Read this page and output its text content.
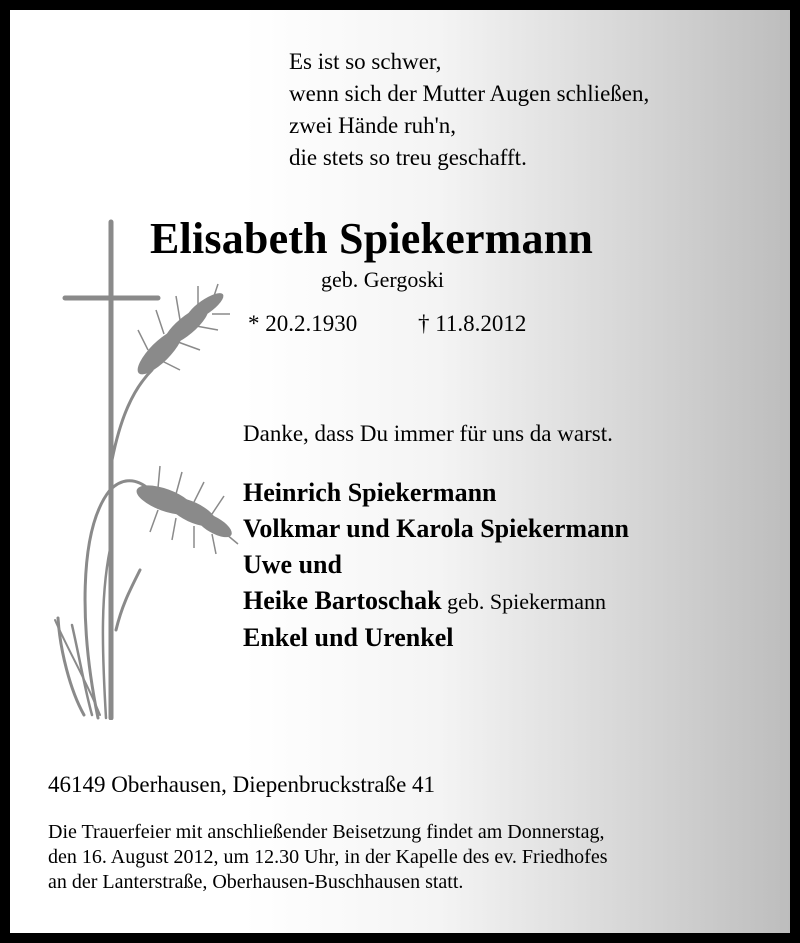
Es ist so schwer,
wenn sich der Mutter Augen schließen,
zwei Hände ruh'n,
die stets so treu geschafft.
Elisabeth Spiekermann
geb. Gergoski
* 20.2.1930	† 11.8.2012
Danke, dass Du immer für uns da warst.
Heinrich Spiekermann
Volkmar und Karola Spiekermann
Uwe und
Heike Bartoschak geb. Spiekermann
Enkel und Urenkel
46149 Oberhausen, Diepenbruckstraße 41
Die Trauerfeier mit anschließender Beisetzung findet am Donnerstag,
den 16. August 2012, um 12.30 Uhr, in der Kapelle des ev. Friedhofes
an der Lanterstraße, Oberhausen-Buschhausen statt.
